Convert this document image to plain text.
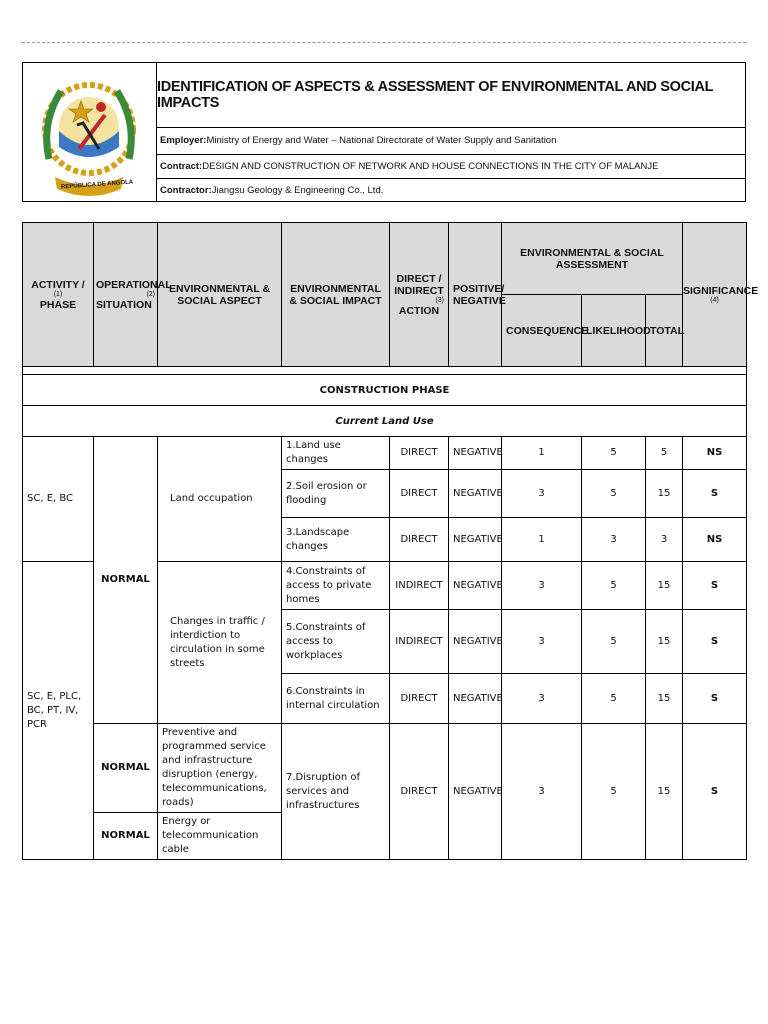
REPÚBLICA DE ANGOLA
IDENTIFICATION OF ASPECTS & ASSESSMENT OF ENVIRONMENTAL AND SOCIAL IMPACTS
Employer: Ministry of Energy and Water – National Directorate of Water Supply and Sanitation
Contract: DESIGN AND CONSTRUCTION OF NETWORK AND HOUSE CONNECTIONS IN THE CITY OF MALANJE
Contractor: Jiangsu Geology & Engineering Co., Ltd.
ACTIVITY /
(1)
PHASE	OPERATIONAL
(2)
SITUATION	ENVIRONMENTAL & SOCIAL ASPECT	ENVIRONMENTAL & SOCIAL IMPACT	DIRECT /
INDIRECT
(3)
ACTION	POSITIVE/ NEGATIVE	ENVIRONMENTAL & SOCIAL ASSESSMENT			SIGNIFICANCE
(4)

						CONSEQUENCE	LIKELIHOOD	TOTAL	

CONSTRUCTION PHASE									
Current Land Use									
SC, E, BC	NORMAL	Land occupation	1.Land use changes	DIRECT	NEGATIVE	1	5	5	NS
			2.Soil erosion or flooding	DIRECT	NEGATIVE	3	5	15	S
			3.Landscape changes	DIRECT	NEGATIVE	1	3	3	NS
SC, E, PLC, BC, PT, IV, PCR		Changes in traffic / interdiction to circulation in some streets	4.Constraints of access to private homes	INDIRECT	NEGATIVE	3	5	15	S
			5.Constraints of access to workplaces	INDIRECT	NEGATIVE	3	5	15	S
			6.Constraints in internal circulation	DIRECT	NEGATIVE	3	5	15	S
	NORMAL	Preventive and programmed service and infrastructure disruption (energy, telecommunications, roads)	7.Disruption of services and infrastructures	DIRECT	NEGATIVE	3	5	15	S
	NORMAL	Energy or telecommunication cable							
